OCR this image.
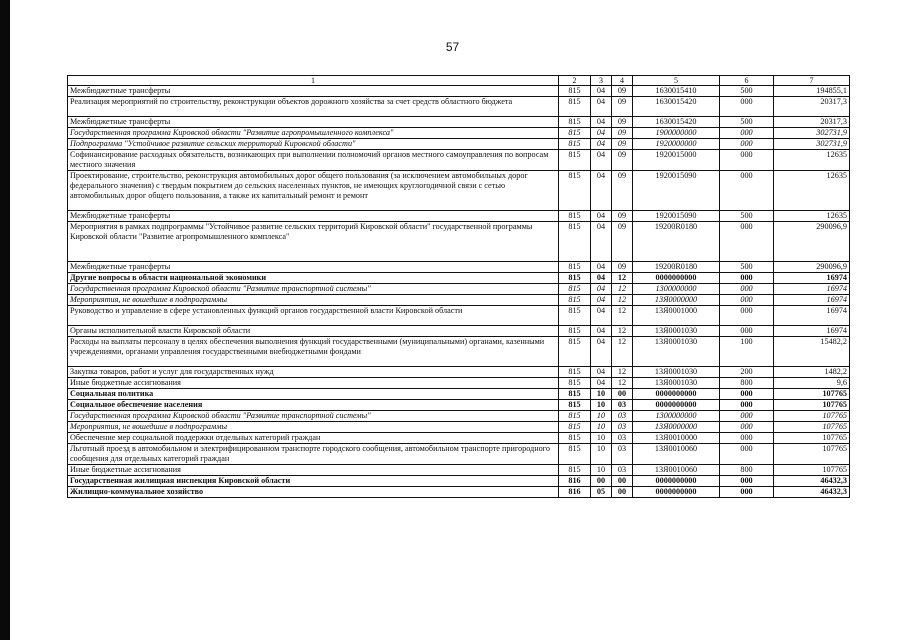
57
1	2	3	4	5	6	7
Межбюджетные трансферты	815	04	09	1630015410	500	194855,1
Реализация мероприятий по строительству, реконструкции объектов дорожного хозяйства за счет средств областного бюджета	815	04	09	1630015420	000	20317,3
Межбюджетные трансферты	815	04	09	1630015420	500	20317,3
Государственная программа Кировской области "Развитие агропромышленного комплекса"	815	04	09	1900000000	000	302731,9
Подпрограмма "Устойчивое развитие сельских территорий Кировской области"	815	04	09	1920000000	000	302731,9
Софинансирование расходных обязательств, возникающих при выполнении полномочий органов местного самоуправления по вопросам местного значения	815	04	09	1920015000	000	12635
Проектирование, строительство, реконструкция автомобильных дорог общего пользования (за исключением автомобильных дорог федерального значения) с твердым покрытием до сельских населенных пунктов, не имеющих круглогодичной связи с сетью автомобильных дорог общего пользования, а также их капитальный ремонт и ремонт	815	04	09	1920015090	000	12635
Межбюджетные трансферты	815	04	09	1920015090	500	12635
Мероприятия в рамках подпрограммы "Устойчивое развитие сельских территорий Кировской области" государственной программы Кировской области "Развитие агропромышленного комплекса"	815	04	09	19200R0180	000	290096,9
Межбюджетные трансферты	815	04	09	19200R0180	500	290096,9
Другие вопросы в области национальной экономики	815	04	12	0000000000	000	16974
Государственная программа Кировской области "Развитие транспортной системы"	815	04	12	1300000000	000	16974
Мероприятия, не вошедшие в подпрограммы	815	04	12	13Я0000000	000	16974
Руководство и управление в сфере установленных функций органов государственной власти Кировской области	815	04	12	13Я0001000	000	16974
Органы исполнительной власти Кировской области	815	04	12	13Я0001030	000	16974
Расходы на выплаты персоналу в целях обеспечения выполнения функций государственными (муниципальными) органами, казенными учреждениями, органами управления государственными внебюджетными фондами	815	04	12	13Я0001030	100	15482,2
Закупка товаров, работ и услуг для государственных нужд	815	04	12	13Я0001030	200	1482,2
Иные бюджетные ассигнования	815	04	12	13Я0001030	800	9,6
Социальная политика	815	10	00	0000000000	000	107765
Социальное обеспечение населения	815	10	03	0000000000	000	107765
Государственная программа Кировской области "Развитие транспортной системы"	815	10	03	1300000000	000	107765
Мероприятия, не вошедшие в подпрограммы	815	10	03	13Я0000000	000	107765
Обеспечение мер социальной поддержки отдельных категорий граждан	815	10	03	13Я0010000	000	107765
Льготный проезд в автомобильном и электрифицированном транспорте городского сообщения, автомобильном транспорте пригородного сообщения для отдельных категорий граждан	815	10	03	13Я0010060	000	107765
Иные бюджетные ассигнования	815	10	03	13Я0010060	800	107765
Государственная жилищная инспекция Кировской области	816	00	00	0000000000	000	46432,3
Жилищно-коммунальное хозяйство	816	05	00	0000000000	000	46432,3
